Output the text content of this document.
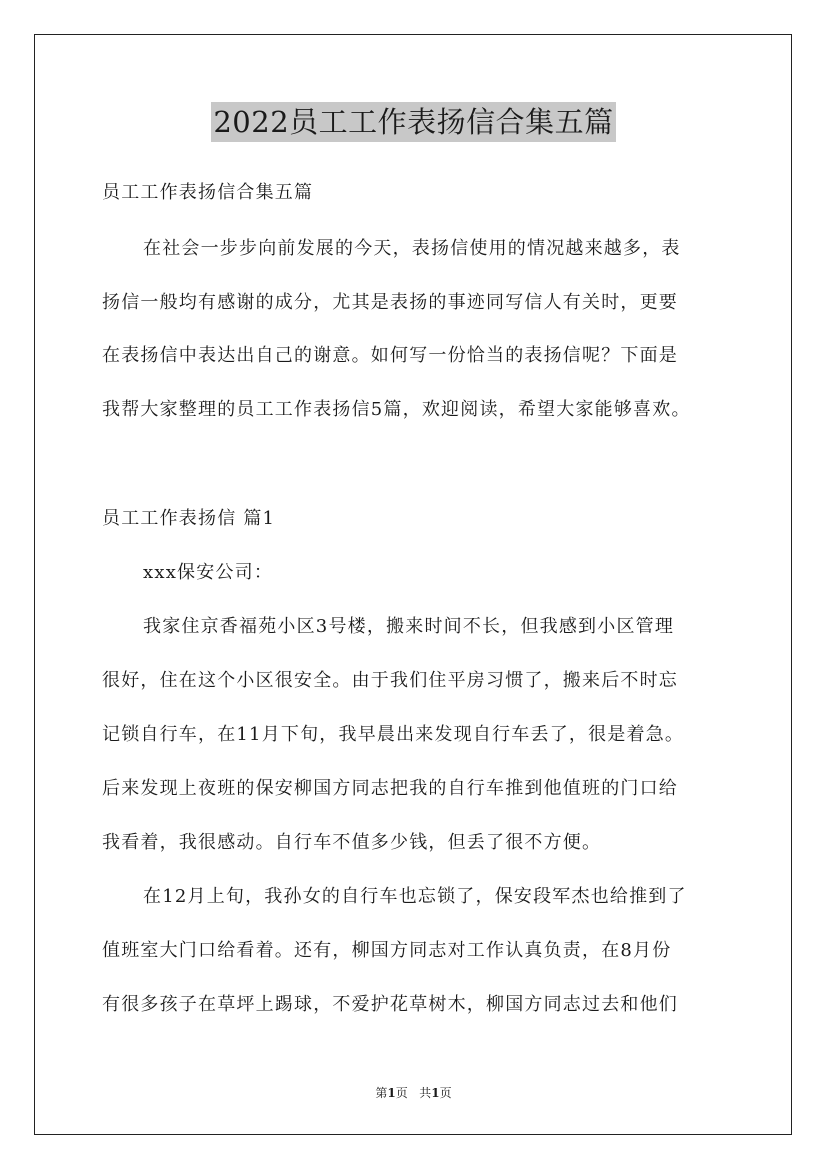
2022员工工作表扬信合集五篇
员工工作表扬信合集五篇
在社会一步步向前发展的今天，表扬信使用的情况越来越多，表
扬信一般均有感谢的成分，尤其是表扬的事迹同写信人有关时，更要
在表扬信中表达出自己的谢意。如何写一份恰当的表扬信呢？下面是
我帮大家整理的员工工作表扬信5篇，欢迎阅读，希望大家能够喜欢。
员工工作表扬信 篇1
xxx保安公司：
我家住京香福苑小区3号楼，搬来时间不长，但我感到小区管理
很好，住在这个小区很安全。由于我们住平房习惯了，搬来后不时忘
记锁自行车，在11月下旬，我早晨出来发现自行车丢了，很是着急。
后来发现上夜班的保安柳国方同志把我的自行车推到他值班的门口给
我看着，我很感动。自行车不值多少钱，但丢了很不方便。
在12月上旬，我孙女的自行车也忘锁了，保安段军杰也给推到了
值班室大门口给看着。还有，柳国方同志对工作认真负责，在8月份
有很多孩子在草坪上踢球，不爱护花草树木，柳国方同志过去和他们
第1页 共1页
